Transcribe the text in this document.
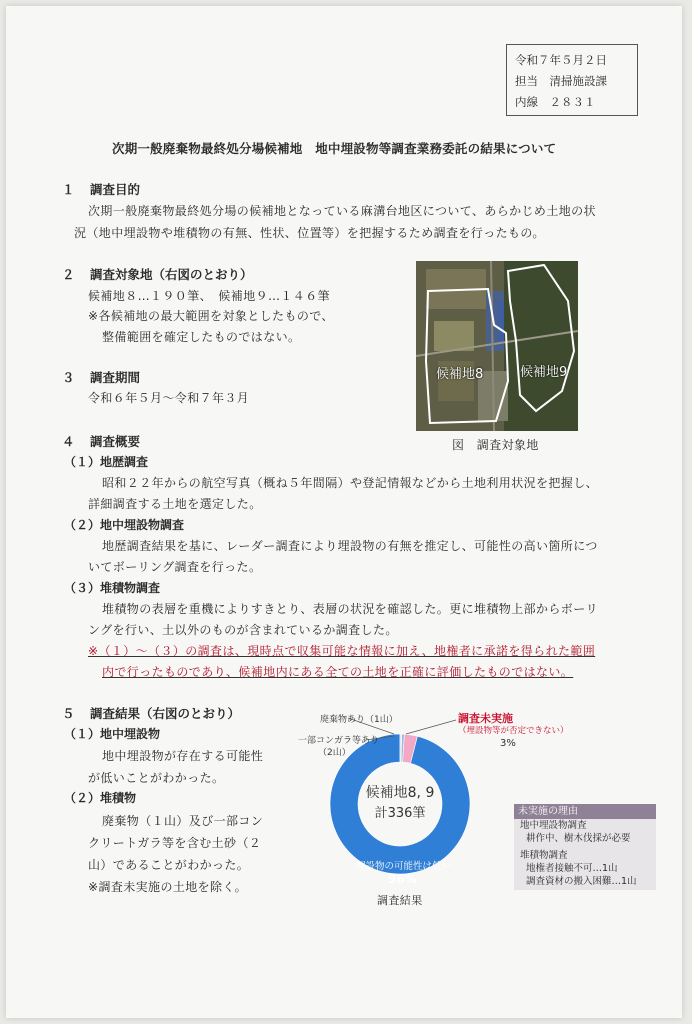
令和７年５月２日
担当　清掃施設課
内線　２８３１
次期一般廃棄物最終処分場候補地　地中埋設物等調査業務委託の結果について
１ 調査目的
次期一般廃棄物最終処分場の候補地となっている麻溝台地区について、あらかじめ土地の状
況（地中埋設物や堆積物の有無、性状、位置等）を把握するため調査を行ったもの。
２ 調査対象地（右図のとおり）
候補地８…１９０筆、　候補地９…１４６筆
※各候補地の最大範囲を対象としたもので、
整備範囲を確定したものではない。
候補地8	候補地9
図　調査対象地
３ 調査期間
令和６年５月～令和７年３月
４ 調査概要
（１）地歴調査
昭和２２年からの航空写真（概ね５年間隔）や登記情報などから土地利用状況を把握し、
詳細調査する土地を選定した。
（２）地中埋設物調査
地歴調査結果を基に、レーダー調査により埋設物の有無を推定し、可能性の高い箇所につ
いてボーリング調査を行った。
（３）堆積物調査
堆積物の表層を重機によりすきとり、表層の状況を確認した。更に堆積物上部からボーリ
ングを行い、土以外のものが含まれているか調査した。
※（１）～（３）の調査は、現時点で収集可能な情報に加え、地権者に承諾を得られた範囲
内で行ったものであり、候補地内にある全ての土地を正確に評価したものではない。
５ 調査結果（右図のとおり）
（１）地中埋設物
地中埋設物が存在する可能性
が低いことがわかった。
（２）堆積物
廃棄物（１山）及び一部コン
クリートガラ等を含む土砂（２
山）であることがわかった。
※調査未実施の土地を除く。
廃棄物あり（1山）
一部コンガラ等あり
（2山）
調査未実施
（埋設物等が否定できない）
3%
候補地8, 9
計336筆
埋設物の可能性は低い
96%
調査結果
未実施の理由
地中埋設物調査
耕作中、樹木伐採が必要
堆積物調査
地権者接触不可…1山
調査資材の搬入困難…1山
